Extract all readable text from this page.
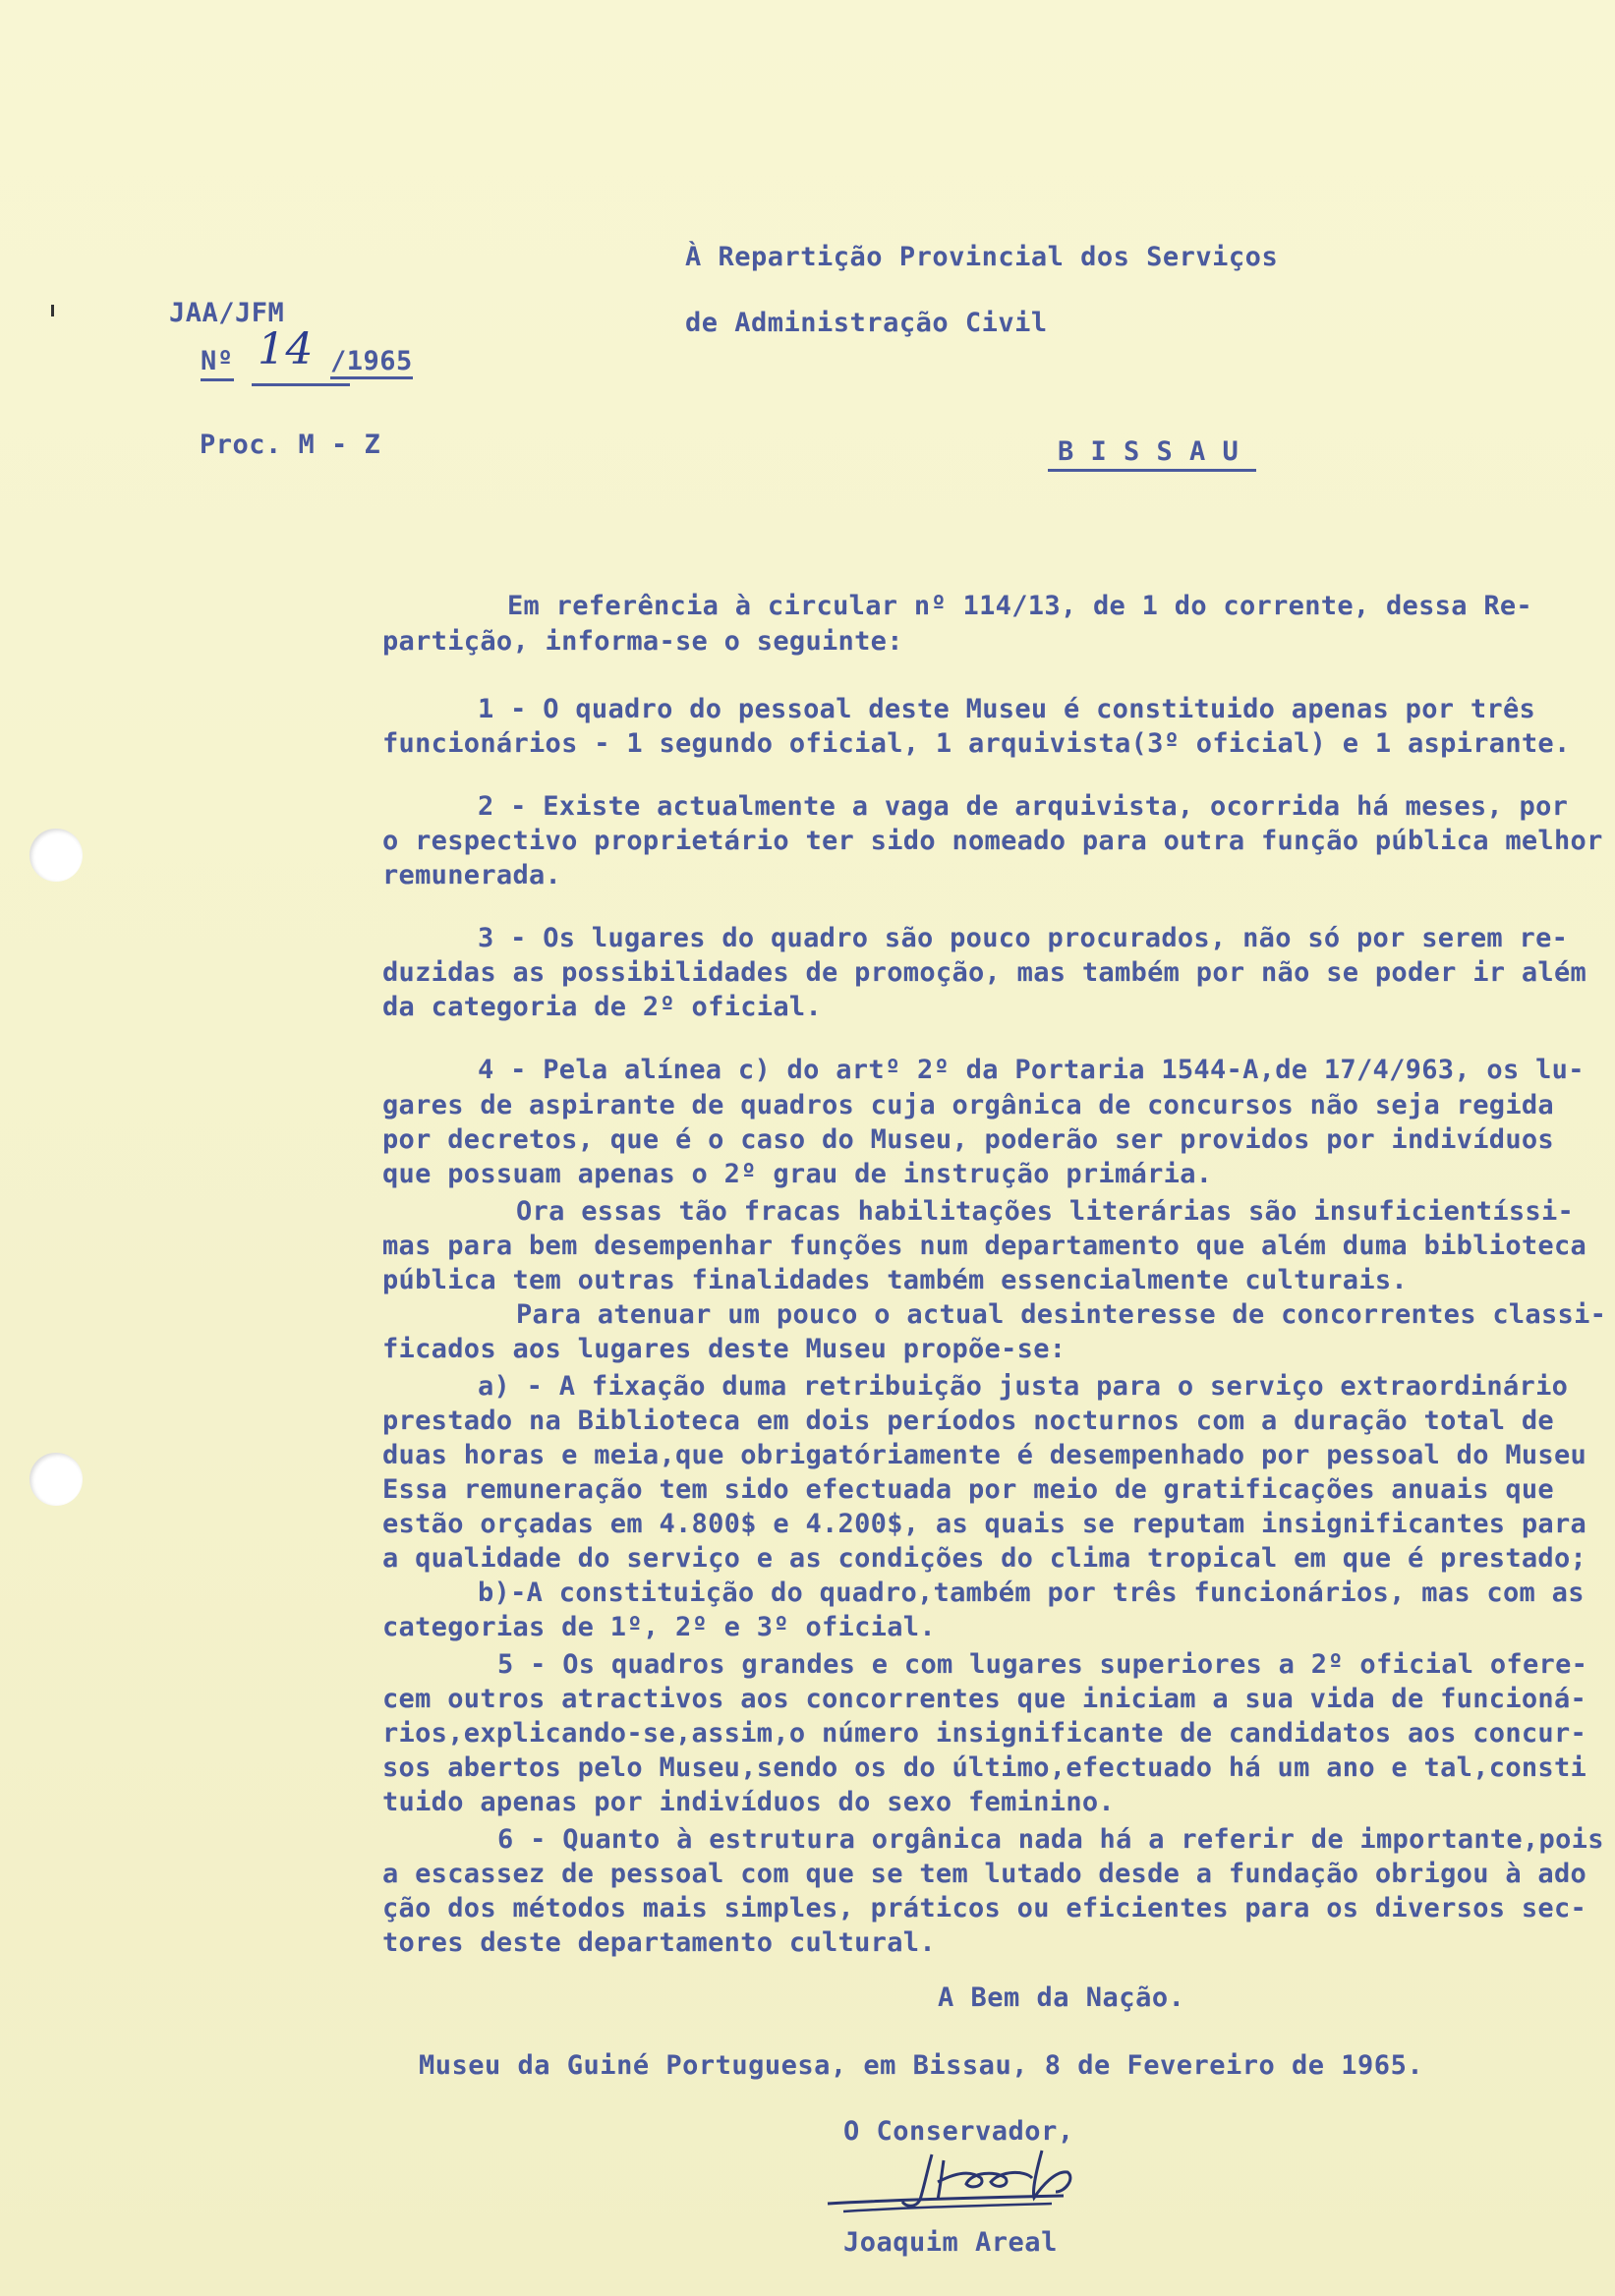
À Repartição Provincial dos Serviços
de Administração Civil
JAA/JFM
Nº 14 /1965
Proc. M - Z	B I S S A U
Em referência à circular nº 114/13, de 1 do corrente, dessa Re-
partição, informa-se o seguinte:
1 - O quadro do pessoal deste Museu é constituido apenas por três
funcionários - 1 segundo oficial, 1 arquivista(3º oficial) e 1 aspirante.
2 - Existe actualmente a vaga de arquivista, ocorrida há meses, por
o respectivo proprietário ter sido nomeado para outra função pública melhor
remunerada.
3 - Os lugares do quadro são pouco procurados, não só por serem re-
duzidas as possibilidades de promoção, mas também por não se poder ir além
da categoria de 2º oficial.
4 - Pela alínea c) do artº 2º da Portaria 1544-A,de 17/4/963, os lu-
gares de aspirante de quadros cuja orgânica de concursos não seja regida
por decretos, que é o caso do Museu, poderão ser providos por indivíduos
que possuam apenas o 2º grau de instrução primária.
Ora essas tão fracas habilitações literárias são insuficientíssi-
mas para bem desempenhar funções num departamento que além duma biblioteca
pública tem outras finalidades também essencialmente culturais.
Para atenuar um pouco o actual desinteresse de concorrentes classi-
ficados aos lugares deste Museu propõe-se:
a) - A fixação duma retribuição justa para o serviço extraordinário
prestado na Biblioteca em dois períodos nocturnos com a duração total de
duas horas e meia,que obrigatóriamente é desempenhado por pessoal do Museu
Essa remuneração tem sido efectuada por meio de gratificações anuais que
estão orçadas em 4.800$ e 4.200$, as quais se reputam insignificantes para
a qualidade do serviço e as condições do clima tropical em que é prestado;
b)-A constituição do quadro,também por três funcionários, mas com as
categorias de 1º, 2º e 3º oficial.
5 - Os quadros grandes e com lugares superiores a 2º oficial ofere-
cem outros atractivos aos concorrentes que iniciam a sua vida de funcioná-
rios,explicando-se,assim,o número insignificante de candidatos aos concur-
sos abertos pelo Museu,sendo os do último,efectuado há um ano e tal,consti
tuido apenas por indivíduos do sexo feminino.
6 - Quanto à estrutura orgânica nada há a referir de importante,pois
a escassez de pessoal com que se tem lutado desde a fundação obrigou à ado
ção dos métodos mais simples, práticos ou eficientes para os diversos sec-
tores deste departamento cultural.
A Bem da Nação.
Museu da Guiné Portuguesa, em Bissau, 8 de Fevereiro de 1965.
O Conservador,
Joaquim Areal
